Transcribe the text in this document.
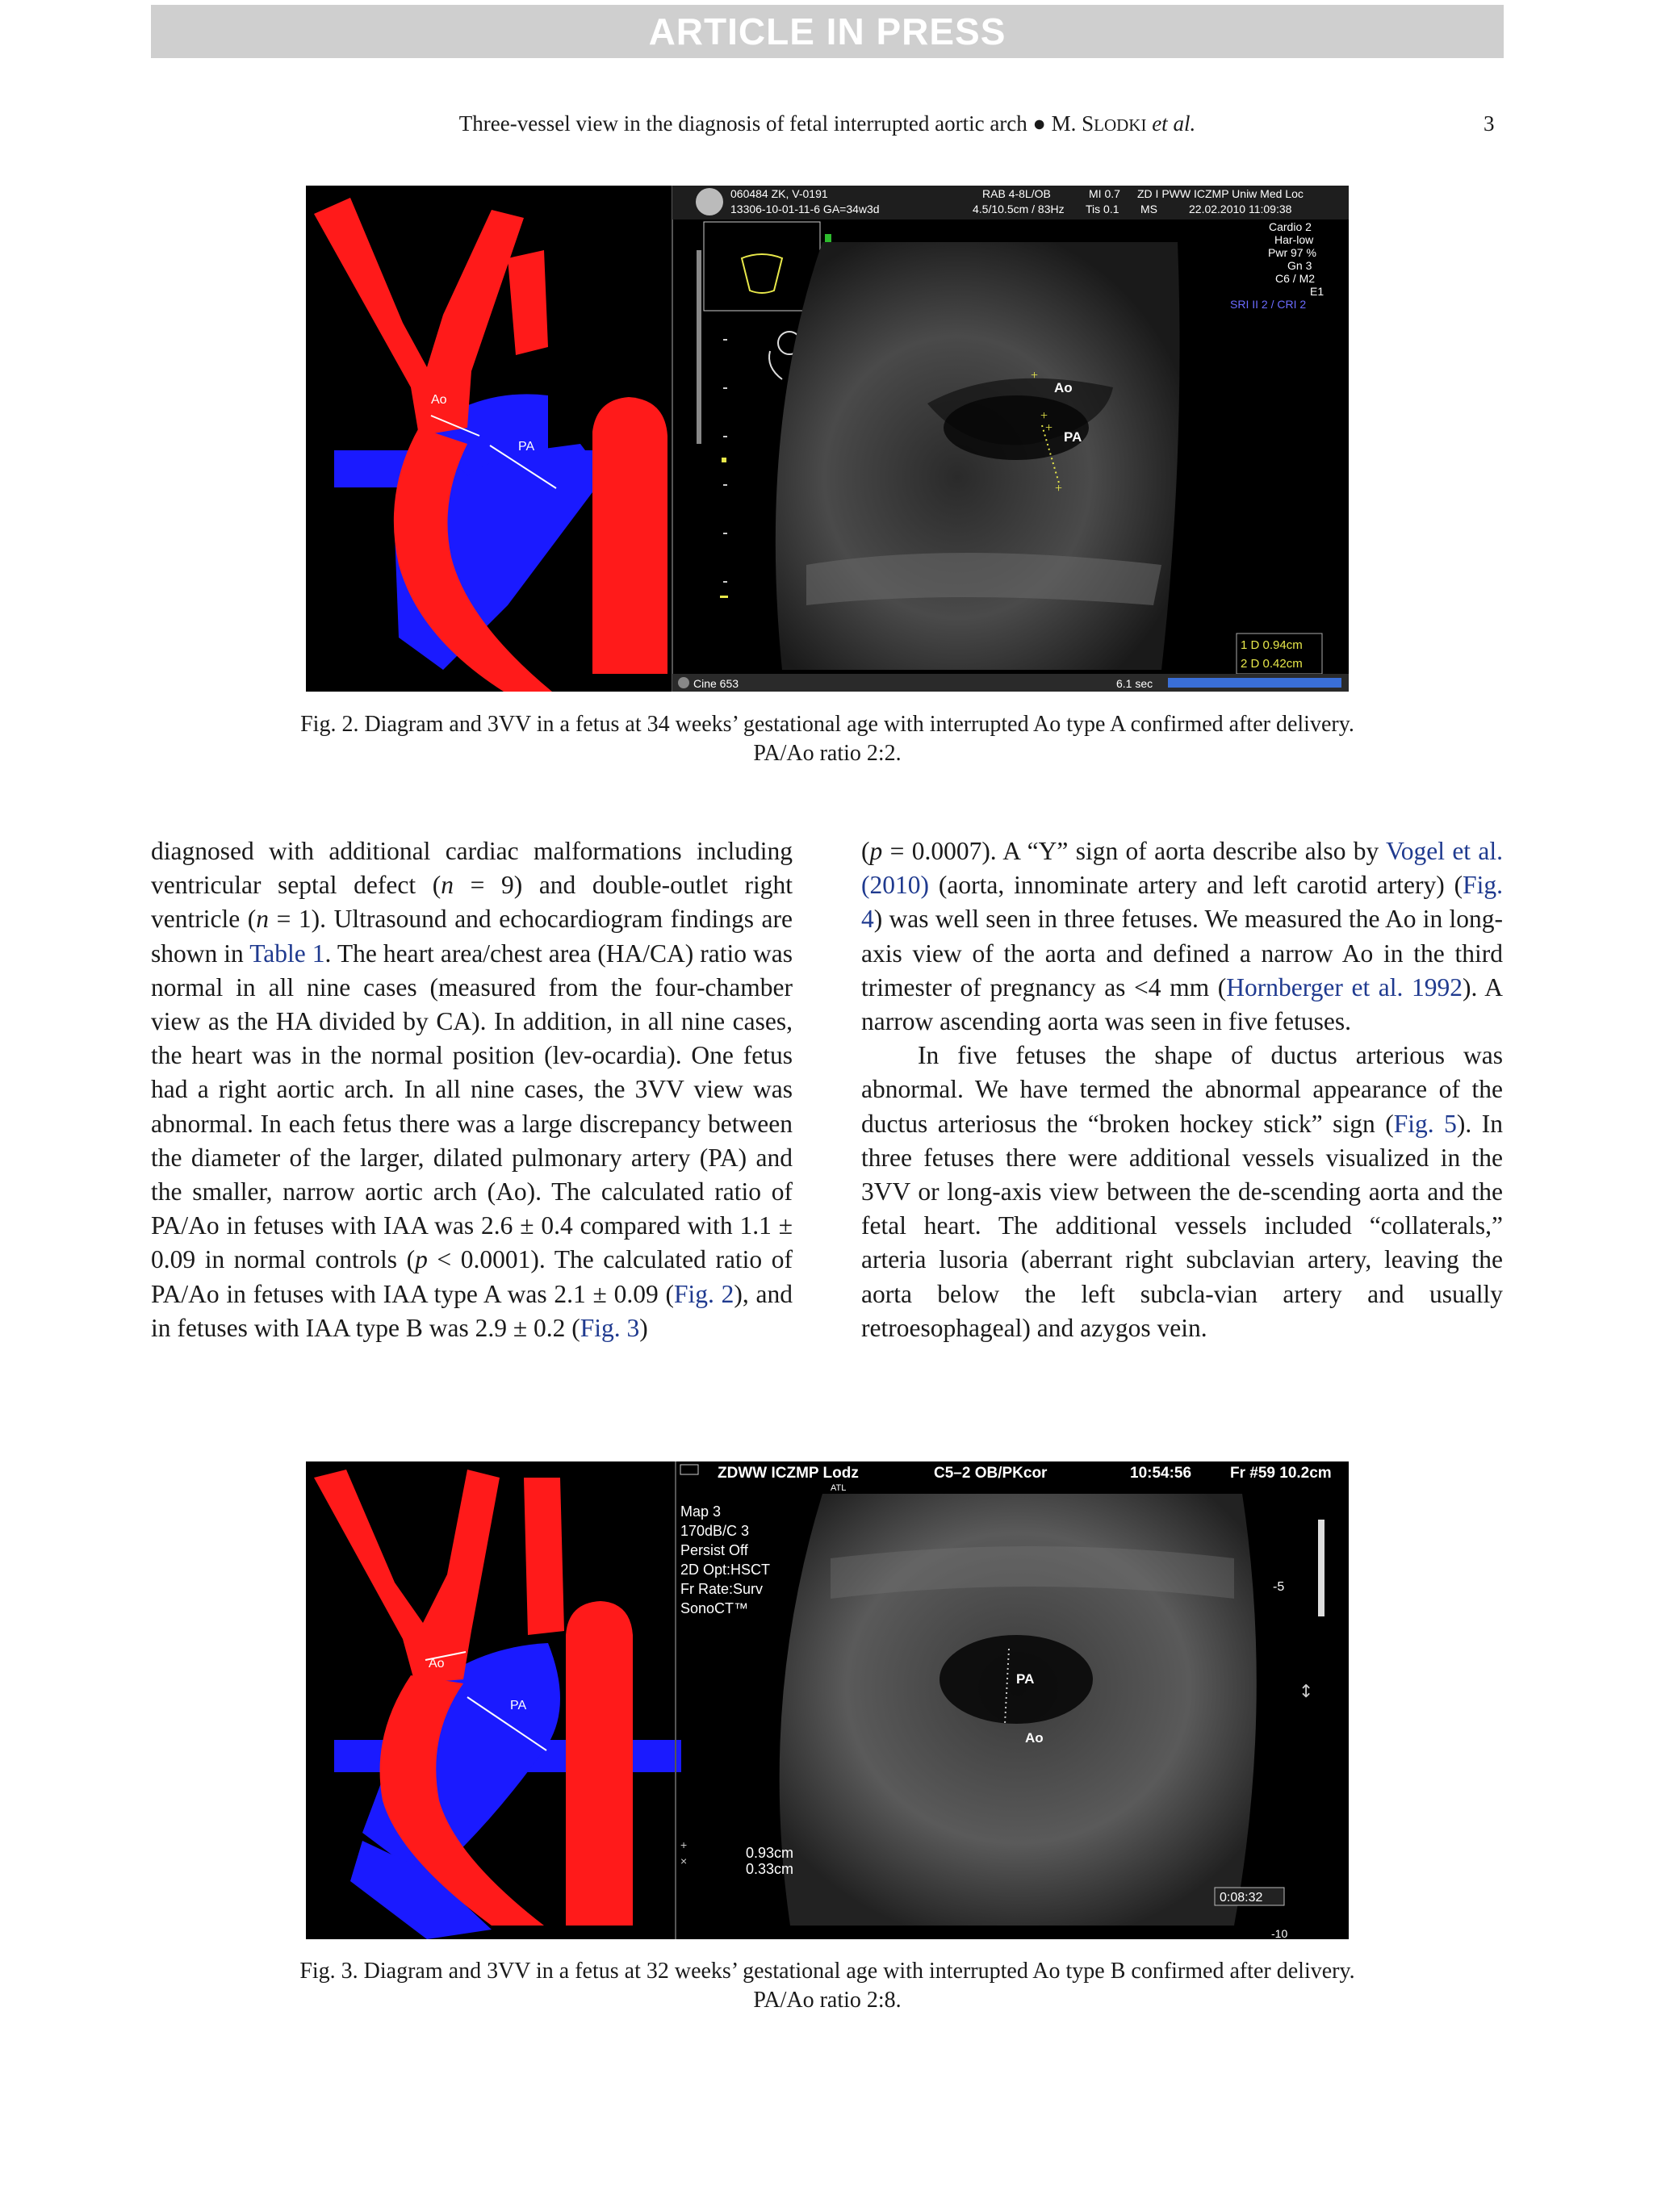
ARTICLE IN PRESS
Three-vessel view in the diagnosis of fetal interrupted aortic arch ● M. SLODKI et al.	3
Ao
PA
060484 ZK, V-0191
13306-10-01-11-6 GA=34w3d
RAB 4-8L/OB
4.5/10.5cm / 83Hz
MI 0.7
Tis 0.1
ZD I PWW ICZMP Uniw Med Loc
MS	22.02.2010 11:09:38
+
+
+
+
Ao
PA
Cardio 2
Har-low
Pwr 97 %
Gn 3
C6 / M2
E1
SRI II 2 / CRI 2
1 D 0.94cm
2 D 0.42cm
Cine 653	6.1 sec
Fig. 2. Diagram and 3VV in a fetus at 34 weeks’ gestational age with interrupted Ao type A confirmed after delivery.
PA/Ao ratio 2:2.

diagnosed with additional cardiac malformations including ventricular septal defect (n = 9) and double-outlet right ventricle (n = 1). Ultrasound and echocardiogram findings are shown in Table 1. The heart area/chest area (HA/CA) ratio was normal in all nine cases (measured from the four-chamber view as the HA divided by CA). In addition, in all nine cases, the heart was in the normal position (lev-ocardia). One fetus had a right aortic arch. In all nine cases, the 3VV view was abnormal. In each fetus there was a large discrepancy between the diameter of the larger, dilated pulmonary artery (PA) and the smaller, narrow aortic arch (Ao). The calculated ratio of PA/Ao in fetuses with IAA was 2.6 ± 0.4 compared with 1.1 ± 0.09 in normal controls (p < 0.0001). The calculated ratio of PA/Ao in fetuses with IAA type A was 2.1 ± 0.09 (Fig. 2), and in fetuses with IAA type B was 2.9 ± 0.2 (Fig. 3)

(p = 0.0007). A “Y” sign of aorta describe also by Vogel et al. (2010) (aorta, innominate artery and left carotid artery) (Fig. 4) was well seen in three fetuses. We measured the Ao in long-axis view of the aorta and defined a narrow Ao in the third trimester of pregnancy as <4 mm (Hornberger et al. 1992). A narrow ascending aorta was seen in five fetuses.

In five fetuses the shape of ductus arterious was abnormal. We have termed the abnormal appearance of the ductus arteriosus the “broken hockey stick” sign (Fig. 5). In three fetuses there were additional vessels visualized in the 3VV or long-axis view between the de-scending aorta and the fetal heart. The additional vessels included “collaterals,” arteria lusoria (aberrant right subclavian artery, leaving the aorta below the left subcla-vian artery and usually retroesophageal) and azygos vein.

Ao
PA
ZDWW ICZMP Lodz
ATL
C5–2 OB/PKcor	10:54:56	Fr #59 10.2cm
Map 3
170dB/C 3
Persist Off
2D Opt:HSCT
Fr Rate:Surv
SonoCT™
PA
Ao
+
×	0.93cm
0.33cm
-5
-10
↕
0:08:32
Fig. 3. Diagram and 3VV in a fetus at 32 weeks’ gestational age with interrupted Ao type B confirmed after delivery.
PA/Ao ratio 2:8.
